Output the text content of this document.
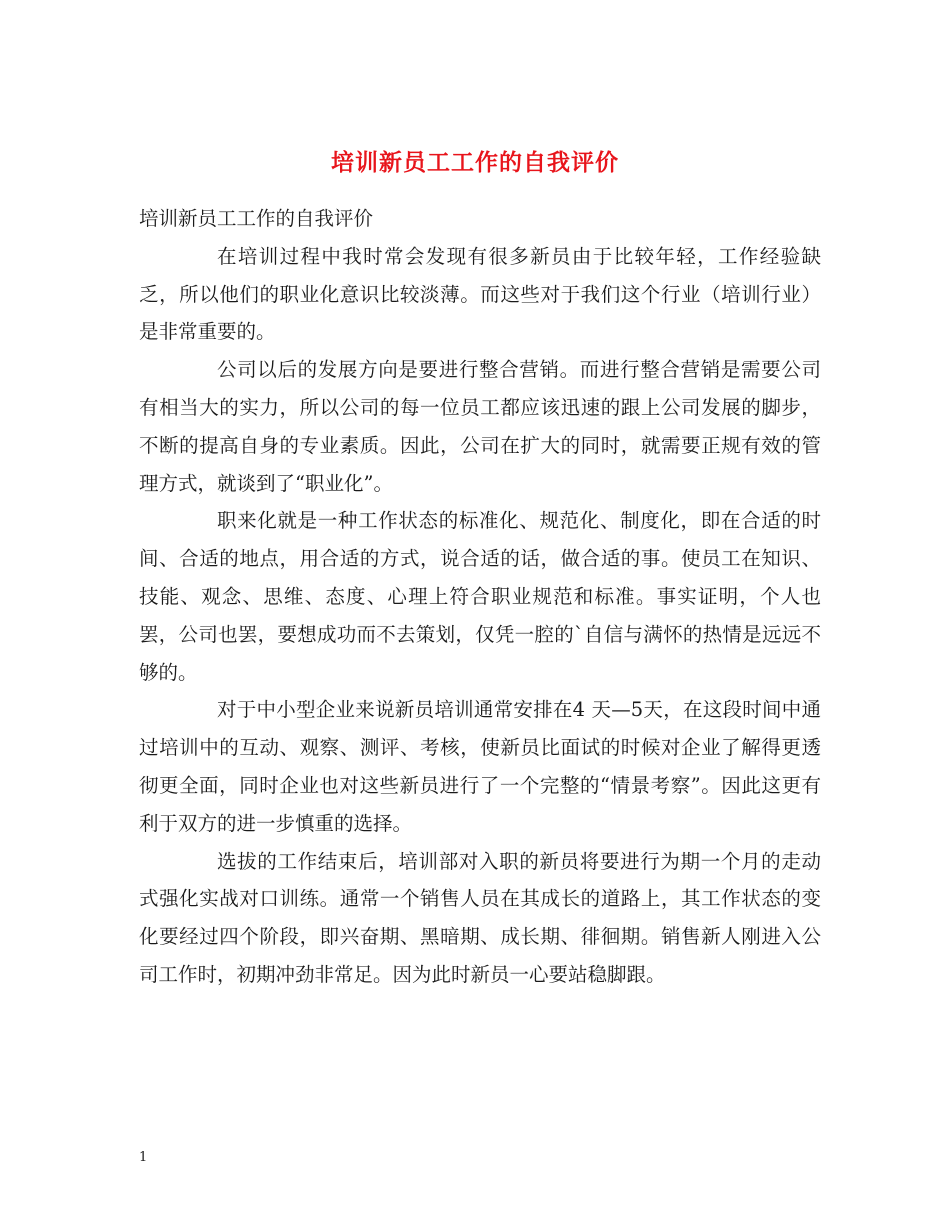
培训新员工工作的自我评价

培训新员工工作的自我评价

在培训过程中我时常会发现有很多新员由于比较年轻，工作经验缺乏，所以他们的职业化意识比较淡薄。而这些对于我们这个行业（培训行业）是非常重要的。

公司以后的发展方向是要进行整合营销。而进行整合营销是需要公司有相当大的实力，所以公司的每一位员工都应该迅速的跟上公司发展的脚步，不断的提高自身的专业素质。因此，公司在扩大的同时，就需要正规有效的管理方式，就谈到了“职业化”。

职来化就是一种工作状态的标准化、规范化、制度化，即在合适的时间、合适的地点，用合适的方式，说合适的话，做合适的事。使员工在知识、技能、观念、思维、态度、心理上符合职业规范和标准。事实证明，个人也罢，公司也罢，要想成功而不去策划，仅凭一腔的`自信与满怀的热情是远远不够的。

对于中小型企业来说新员培训通常安排在4 天—5天，在这段时间中通过培训中的互动、观察、测评、考核，使新员比面试的时候对企业了解得更透彻更全面，同时企业也对这些新员进行了一个完整的“情景考察”。因此这更有利于双方的进一步慎重的选择。

选拔的工作结束后，培训部对入职的新员将要进行为期一个月的走动式强化实战对口训练。通常一个销售人员在其成长的道路上，其工作状态的变化要经过四个阶段，即兴奋期、黑暗期、成长期、徘徊期。销售新人刚进入公司工作时，初期冲劲非常足。因为此时新员一心要站稳脚跟。

1
